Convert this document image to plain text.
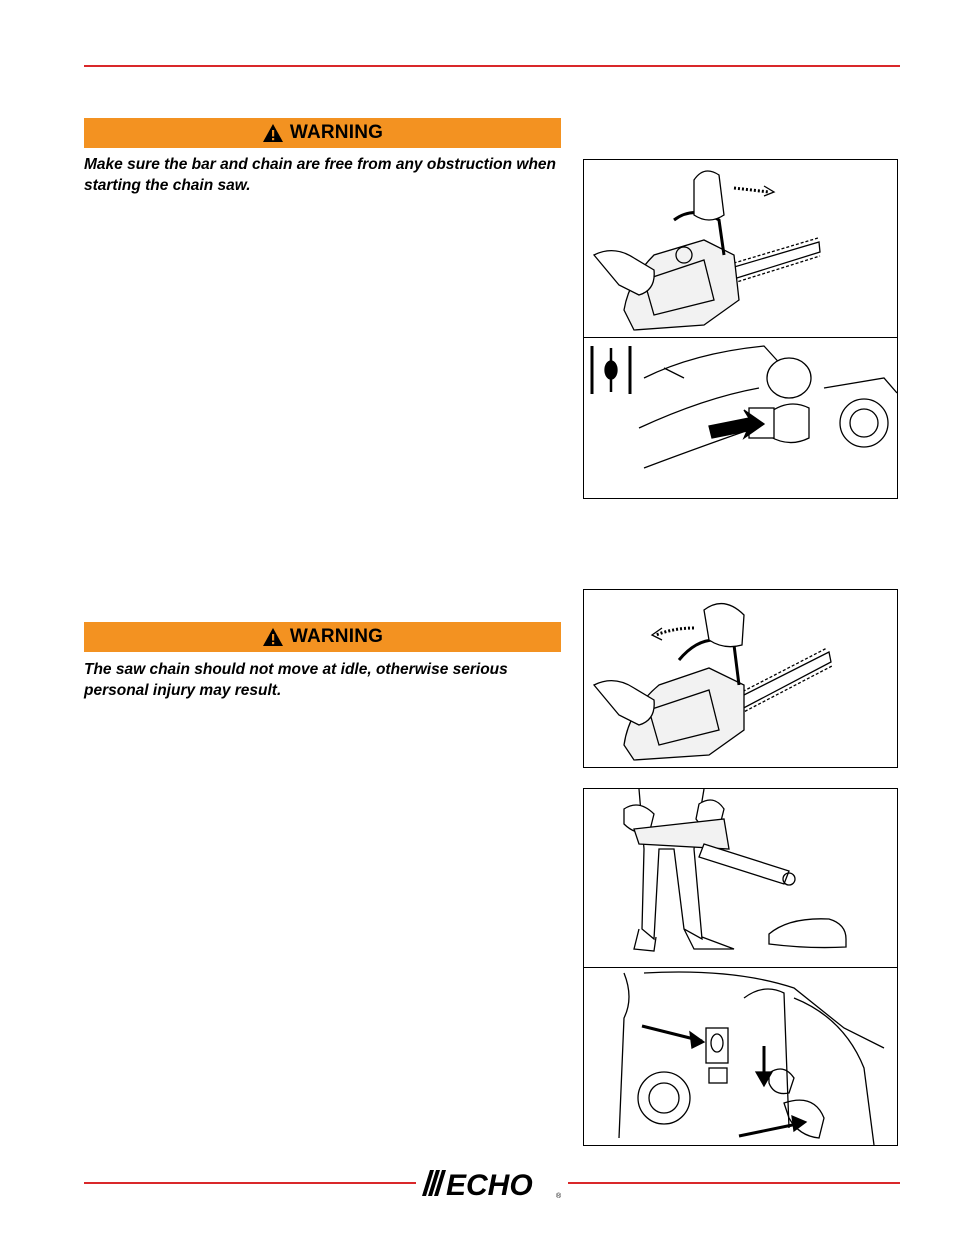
WARNING
Make sure the bar and chain are free from any obstruction when starting the chain saw.
WARNING
The saw chain should not move at idle, otherwise serious personal injury may result.
ECHO	®
